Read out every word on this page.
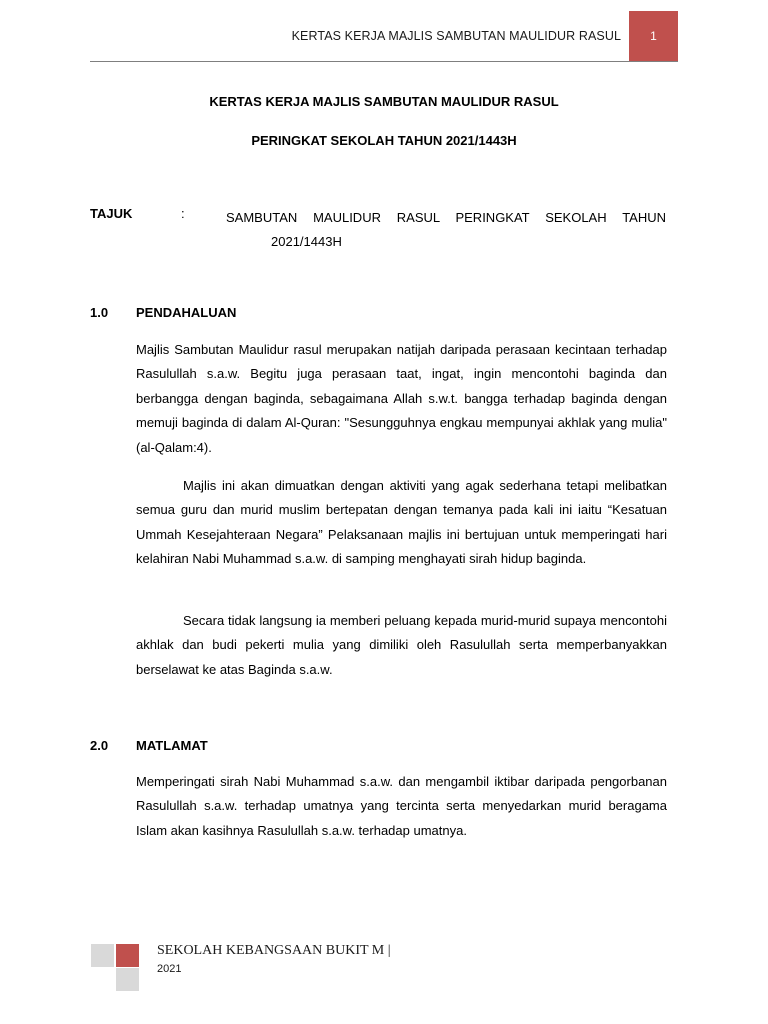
KERTAS KERJA MAJLIS SAMBUTAN MAULIDUR RASUL 1
KERTAS KERJA MAJLIS SAMBUTAN MAULIDUR RASUL
PERINGKAT SEKOLAH TAHUN 2021/1443H
TAJUK	:	SAMBUTAN MAULIDUR RASUL PERINGKAT SEKOLAH TAHUN
2021/1443H
1.0 PENDAHALUAN

Majlis Sambutan Maulidur rasul merupakan natijah daripada perasaan kecintaan terhadap Rasulullah s.a.w. Begitu juga perasaan taat, ingat, ingin mencontohi baginda dan berbangga dengan baginda, sebagaimana Allah s.w.t. bangga terhadap baginda dengan memuji baginda di dalam Al-Quran: "Sesungguhnya engkau mempunyai akhlak yang mulia" (al-Qalam:4).

Majlis ini akan dimuatkan dengan aktiviti yang agak sederhana tetapi melibatkan semua guru dan murid muslim bertepatan dengan temanya pada kali ini iaitu “Kesatuan Ummah Kesejahteraan Negara” Pelaksanaan majlis ini bertujuan untuk memperingati hari kelahiran Nabi Muhammad s.a.w. di samping menghayati sirah hidup baginda.

Secara tidak langsung ia memberi peluang kepada murid-murid supaya mencontohi akhlak dan budi pekerti mulia yang dimiliki oleh Rasulullah serta memperbanyakkan berselawat ke atas Baginda s.a.w.

2.0 MATLAMAT

Memperingati sirah Nabi Muhammad s.a.w. dan mengambil iktibar daripada pengorbanan Rasulullah s.a.w. terhadap umatnya yang tercinta serta menyedarkan murid beragama Islam akan kasihnya Rasulullah s.a.w. terhadap umatnya.

SEKOLAH KEBANGSAAN BUKIT M |
2021
